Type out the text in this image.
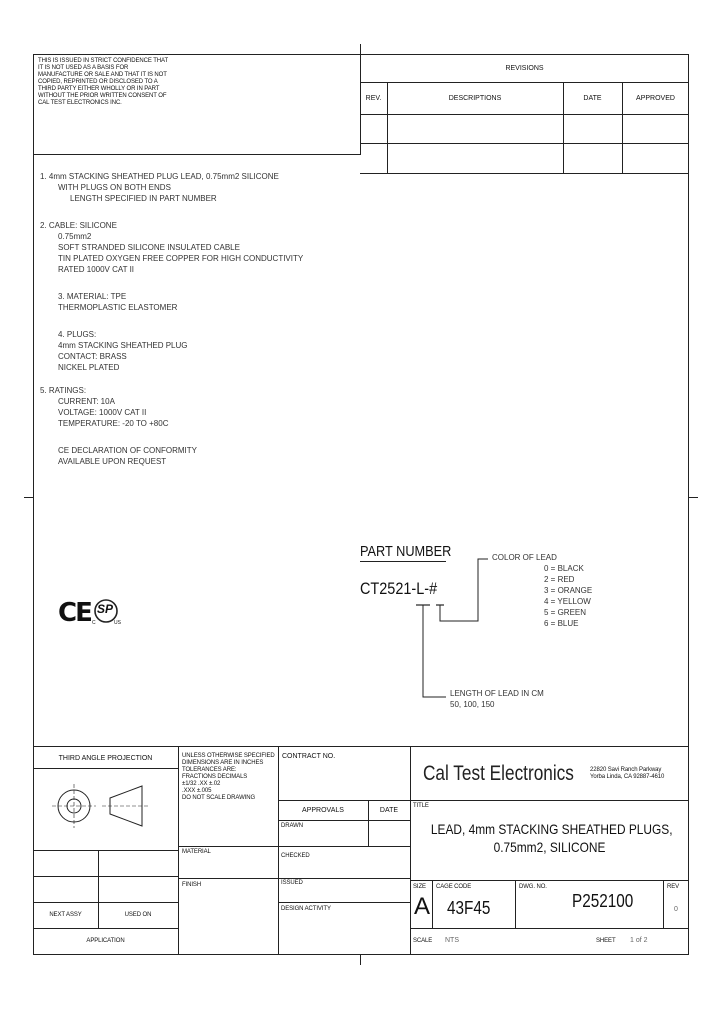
THIS IS ISSUED IN STRICT CONFIDENCE THAT
IT IS NOT USED AS A BASIS FOR
MANUFACTURE OR SALE AND THAT IT IS NOT
COPIED, REPRINTED OR DISCLOSED TO A
THIRD PARTY EITHER WHOLLY OR IN PART
WITHOUT THE PRIOR WRITTEN CONSENT OF
CAL TEST ELECTRONICS INC.
REVISIONS
REV.	DESCRIPTIONS	DATE	APPROVED
1. 4mm STACKING SHEATHED PLUG LEAD, 0.75mm2 SILICONE
WITH PLUGS ON BOTH ENDS
LENGTH SPECIFIED IN PART NUMBER
2. CABLE: SILICONE
0.75mm2
SOFT STRANDED SILICONE INSULATED CABLE
TIN PLATED OXYGEN FREE COPPER FOR HIGH CONDUCTIVITY
RATED 1000V CAT II
3. MATERIAL: TPE
THERMOPLASTIC ELASTOMER
4. PLUGS:
4mm STACKING SHEATHED PLUG
CONTACT: BRASS
NICKEL PLATED
5. RATINGS:
CURRENT: 10A
VOLTAGE: 1000V CAT II
TEMPERATURE: -20 TO +80C
CE DECLARATION OF CONFORMITY
AVAILABLE UPON REQUEST
CE SP
C	US
PART NUMBER
CT2521-L-#
COLOR OF LEAD
0 = BLACK
2 = RED
3 = ORANGE
4 = YELLOW
5 = GREEN
6 = BLUE
LENGTH OF LEAD IN CM
50, 100, 150
THIRD ANGLE PROJECTION
NEXT ASSY	USED ON
APPLICATION
UNLESS OTHERWISE SPECIFIED
DIMENSIONS ARE IN INCHES
TOLERANCES ARE:
FRACTIONS DECIMALS
±1/32 .XX ±.02
.XXX ±.005
DO NOT SCALE DRAWING
MATERIAL
FINISH
CONTRACT NO.
APPROVALS	DATE
DRAWN
CHECKED
ISSUED
DESIGN ACTIVITY
Cal Test Electronics	22820 Savi Ranch Parkway
Yorba Linda, CA 92887-4610
TITLE
LEAD, 4mm STACKING SHEATHED PLUGS,
0.75mm2, SILICONE
SIZE
A
CAGE CODE
43F45
DWG. NO.
P252100
REV
0
SCALE NTS	SHEET 1 of 2
